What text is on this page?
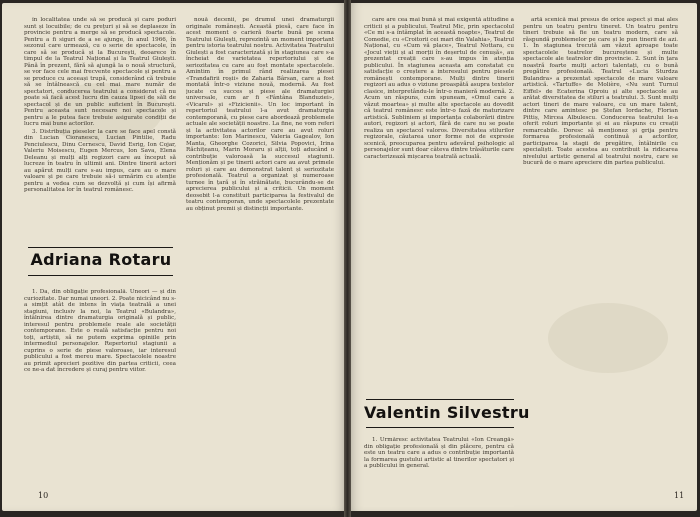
în localitatea unde să se producă și care poduri sunt și locuibile; de cu prețuri și să se deplaseze în provincie pentru a merge să se producă spectacole. Pentru a fi siguri de a se ajunge, în anul 1966, în sezonul care urmează, cu o serie de spectacole, în care să se producă și la București, deoarece în timpul de la Teatrul Național și la Teatrul Giulești. Până în prezent, fără să ajungă la o nouă structură, se vor face cele mai frecvente spectacole și pentru a se produce cu aceeași trupă, considerând că trebuie să se întâlnească cu cel mai mare număr de spectatori, conducerea teatrului a considerat că nu poate să facă acest lucru din cauza lipsei de săli de spectacol și de un public suficient în București. Pentru aceasta sunt necesare noi spectacole și pentru a le putea face trebuie asigurate condiții de lucru mai bune actorilor.

3. Distribuția pieselor la care se face apel constă din Lucian Cioranescu, Lucian Pintilie, Radu Penciulescu, Dinu Cernescu, David Esrig, Ion Cojar, Valeriu Moisescu, Eugen Mercus, Ion Sava, Elena Deleanu și mulți alți regizori care au început să lucreze în teatru în ultimii ani. Dintre tinerii actori au apărut mulți care s-au impus, care au o mare valoare și pe care trebuie să-i urmărim cu atenție pentru a vedea cum se dezvoltă și cum își afirmă personalitatea lor în teatrul românesc.

nouă decenii, pe drumul unei dramaturgii originale românești. Această piesă, care face în acest moment o carieră foarte bună pe scena Teatrului Giulești, reprezintă un moment important pentru istoria teatrului nostru. Activitatea Teatrului Giulești a fost caracterizată și în stagiunea care s-a încheiat de varietatea repertoriului și de seriozitatea cu care au fost montate spectacolele. Amintim în primul rând realizarea piesei «Trandafirii roșii» de Zaharia Bârsan, care a fost montată într-o viziune nouă, modernă. Au fost jucate cu succes și piese ale dramaturgiei universale, cum ar fi «Fântâna Blanduziei», «Vicarul» și «Fizicienii». Un loc important în repertoriul teatrului l-a avut dramaturgia contemporană, cu piese care abordează problemele actuale ale societății noastre. La fine, ne vom referi și la activitatea actorilor care au avut roluri importante: Ion Marinescu, Valeria Gagealov, Ion Manta, Gheorghe Cozorici, Silvia Popovici, Irina Răchițeanu, Marin Moraru și alții, toți aducând o contribuție valoroasă la succesul stagiunii. Menționăm și pe tinerii actori care au avut primele roluri și care au demonstrat talent și seriozitate profesională. Teatrul a organizat și numeroase turnee în țară și în străinătate, bucurându-se de aprecierea publicului și a criticii. Un moment deosebit l-a constituit participarea la festivalul de teatru contemporan, unde spectacolele prezentate au obținut premii și distincții importante.

Adriana Rotaru

1. Da, din obligație profesională. Uneori — și din curiozitate. Dar numai uneori. 2. Poate nicicând nu s-a simțit atât de intens în viața teatrală a unei stagiuni, inclusiv la noi, la Teatrul «Bulandra», întâlnirea dintre dramaturgia originală și public, interesul pentru problemele reale ale societății contemporane. Este o reală satisfacție pentru noi toți, artiștii, să ne putem exprima opiniile prin intermediul personajelor. Repertoriul stagiunii a cuprins o serie de piese valoroase, iar interesul publicului a fost mereu mare. Spectacolele noastre au primit aprecieri pozitive din partea criticii, ceea ce ne-a dat încredere și curaj pentru viitor.

10

care are cea mai bună și mai exigentă atitudine a criticii și a publicului. Teatrul Mic, prin spectacolul «Ce mi s-a întâmplat în această noapte», Teatrul de Comedie, cu «Croitorii cei mari din Valahia», Teatrul Național, cu «Cum vă place», Teatrul Nottara, cu «Jocul vieții și al morții în deșertul de cenușă», au prezentat creații care s-au impus în atenția publicului. În stagiunea aceasta am constatat cu satisfacție o creștere a interesului pentru piesele românești contemporane. Mulți dintre tinerii regizori au adus o viziune proaspătă asupra textelor clasice, interpretându-le într-o manieră modernă. 2. Acum un răspuns, cum spuneam, «Omul care a văzut moartea» și multe alte spectacole au dovedit că teatrul românesc este într-o fază de maturizare artistică. Subliniem și importanța colaborării dintre autori, regizori și actori, fără de care nu se poate realiza un spectacol valoros. Diversitatea stilurilor regizorale, căutarea unor forme noi de expresie scenică, preocuparea pentru adevărul psihologic al personajelor sunt doar câteva dintre trăsăturile care caracterizează mișcarea teatrală actuală.

artă scenică mai presus de orice aspect și mai ales pentru un teatru pentru tineret. Un teatru pentru tineri trebuie să fie un teatru modern, care să răspundă problemelor pe care și le pun tinerii de azi. 1. În stagiunea trecută am văzut aproape toate spectacolele teatrelor bucureștene și multe spectacole ale teatrelor din provincie. 2. Sunt în țara noastră foarte mulți actori talentați, cu o bună pregătire profesională. Teatrul «Lucia Sturdza Bulandra» a prezentat spectacole de mare valoare artistică. «Tartuffe» de Molière, «Nu sunt Turnul Eiffel» de Ecaterina Oproiu și alte spectacole au arătat diversitatea de stiluri a teatrului. 3. Sunt mulți actori tineri de mare valoare, cu un mare talent, dintre care amintesc pe Ștefan Iordache, Florian Pittiș, Mircea Albulescu. Conducerea teatrului le-a oferit roluri importante și ei au răspuns cu creații remarcabile. Doresc să menționez și grija pentru formarea profesională continuă a actorilor, participarea la stagii de pregătire, întâlnirile cu specialiști. Toate acestea au contribuit la ridicarea nivelului artistic general al teatrului nostru, care se bucură de o mare apreciere din partea publicului.

Valentin Silvestru

1. Urmăresc activitatea Teatrului «Ion Creangă» din obligație profesională și din plăcere, pentru că este un teatru care a adus o contribuție importantă la formarea gustului artistic al tinerilor spectatori și a publicului în general.

11
